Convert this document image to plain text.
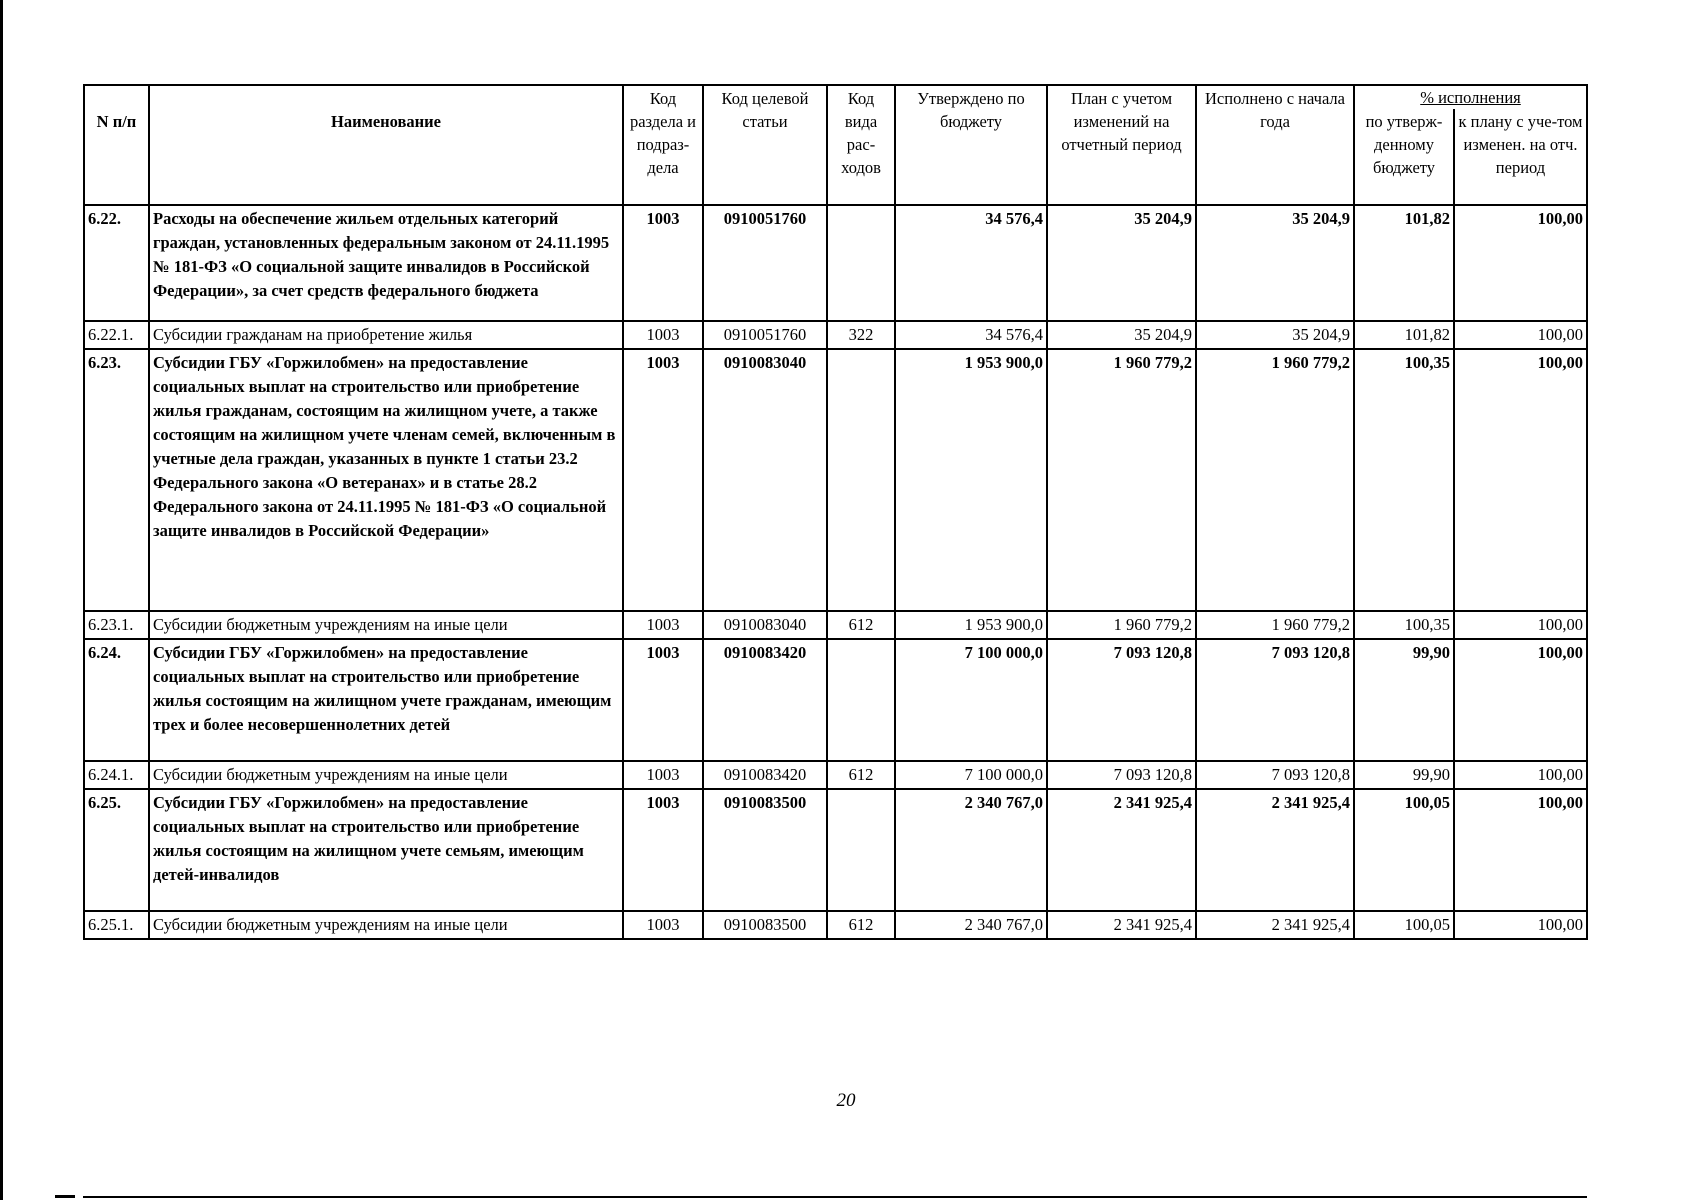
N п/п	Наименование	Код раздела и подраз-дела	Код целевой статьи	Код вида рас-ходов	Утверждено по бюджету	План с учетом изменений на отчетный период	Исполнено с начала года	% исполнения	
								по утверж-денному бюджету	к плану с уче-том изменен. на отч. период
6.22.	Расходы на обеспечение жильем отдельных категорий граждан, установленных федеральным законом от 24.11.1995 № 181-ФЗ «О социальной защите инвалидов в Российской Федерации», за счет средств федерального бюджета	1003	0910051760		34 576,4	35 204,9	35 204,9	101,82	100,00
6.22.1.	Субсидии гражданам на приобретение жилья	1003	0910051760	322	34 576,4	35 204,9	35 204,9	101,82	100,00
6.23.	Субсидии ГБУ «Горжилобмен» на предоставление социальных выплат на строительство или приобретение жилья гражданам, состоящим на жилищном учете, а также состоящим на жилищном учете членам семей, включенным в учетные дела граждан, указанных в пункте 1 статьи 23.2 Федерального закона «О ветеранах» и в статье 28.2 Федерального закона от 24.11.1995 № 181-ФЗ «О социальной защите инвалидов в Российской Федерации»	1003	0910083040		1 953 900,0	1 960 779,2	1 960 779,2	100,35	100,00
6.23.1.	Субсидии бюджетным учреждениям на иные цели	1003	0910083040	612	1 953 900,0	1 960 779,2	1 960 779,2	100,35	100,00
6.24.	Субсидии ГБУ «Горжилобмен» на предоставление социальных выплат на строительство или приобретение жилья состоящим на жилищном учете гражданам, имеющим трех и более несовершеннолетних детей	1003	0910083420		7 100 000,0	7 093 120,8	7 093 120,8	99,90	100,00
6.24.1.	Субсидии бюджетным учреждениям на иные цели	1003	0910083420	612	7 100 000,0	7 093 120,8	7 093 120,8	99,90	100,00
6.25.	Субсидии ГБУ «Горжилобмен» на предоставление социальных выплат на строительство или приобретение жилья состоящим на жилищном учете семьям, имеющим детей-инвалидов	1003	0910083500		2 340 767,0	2 341 925,4	2 341 925,4	100,05	100,00
6.25.1.	Субсидии бюджетным учреждениям на иные цели	1003	0910083500	612	2 340 767,0	2 341 925,4	2 341 925,4	100,05	100,00
20
